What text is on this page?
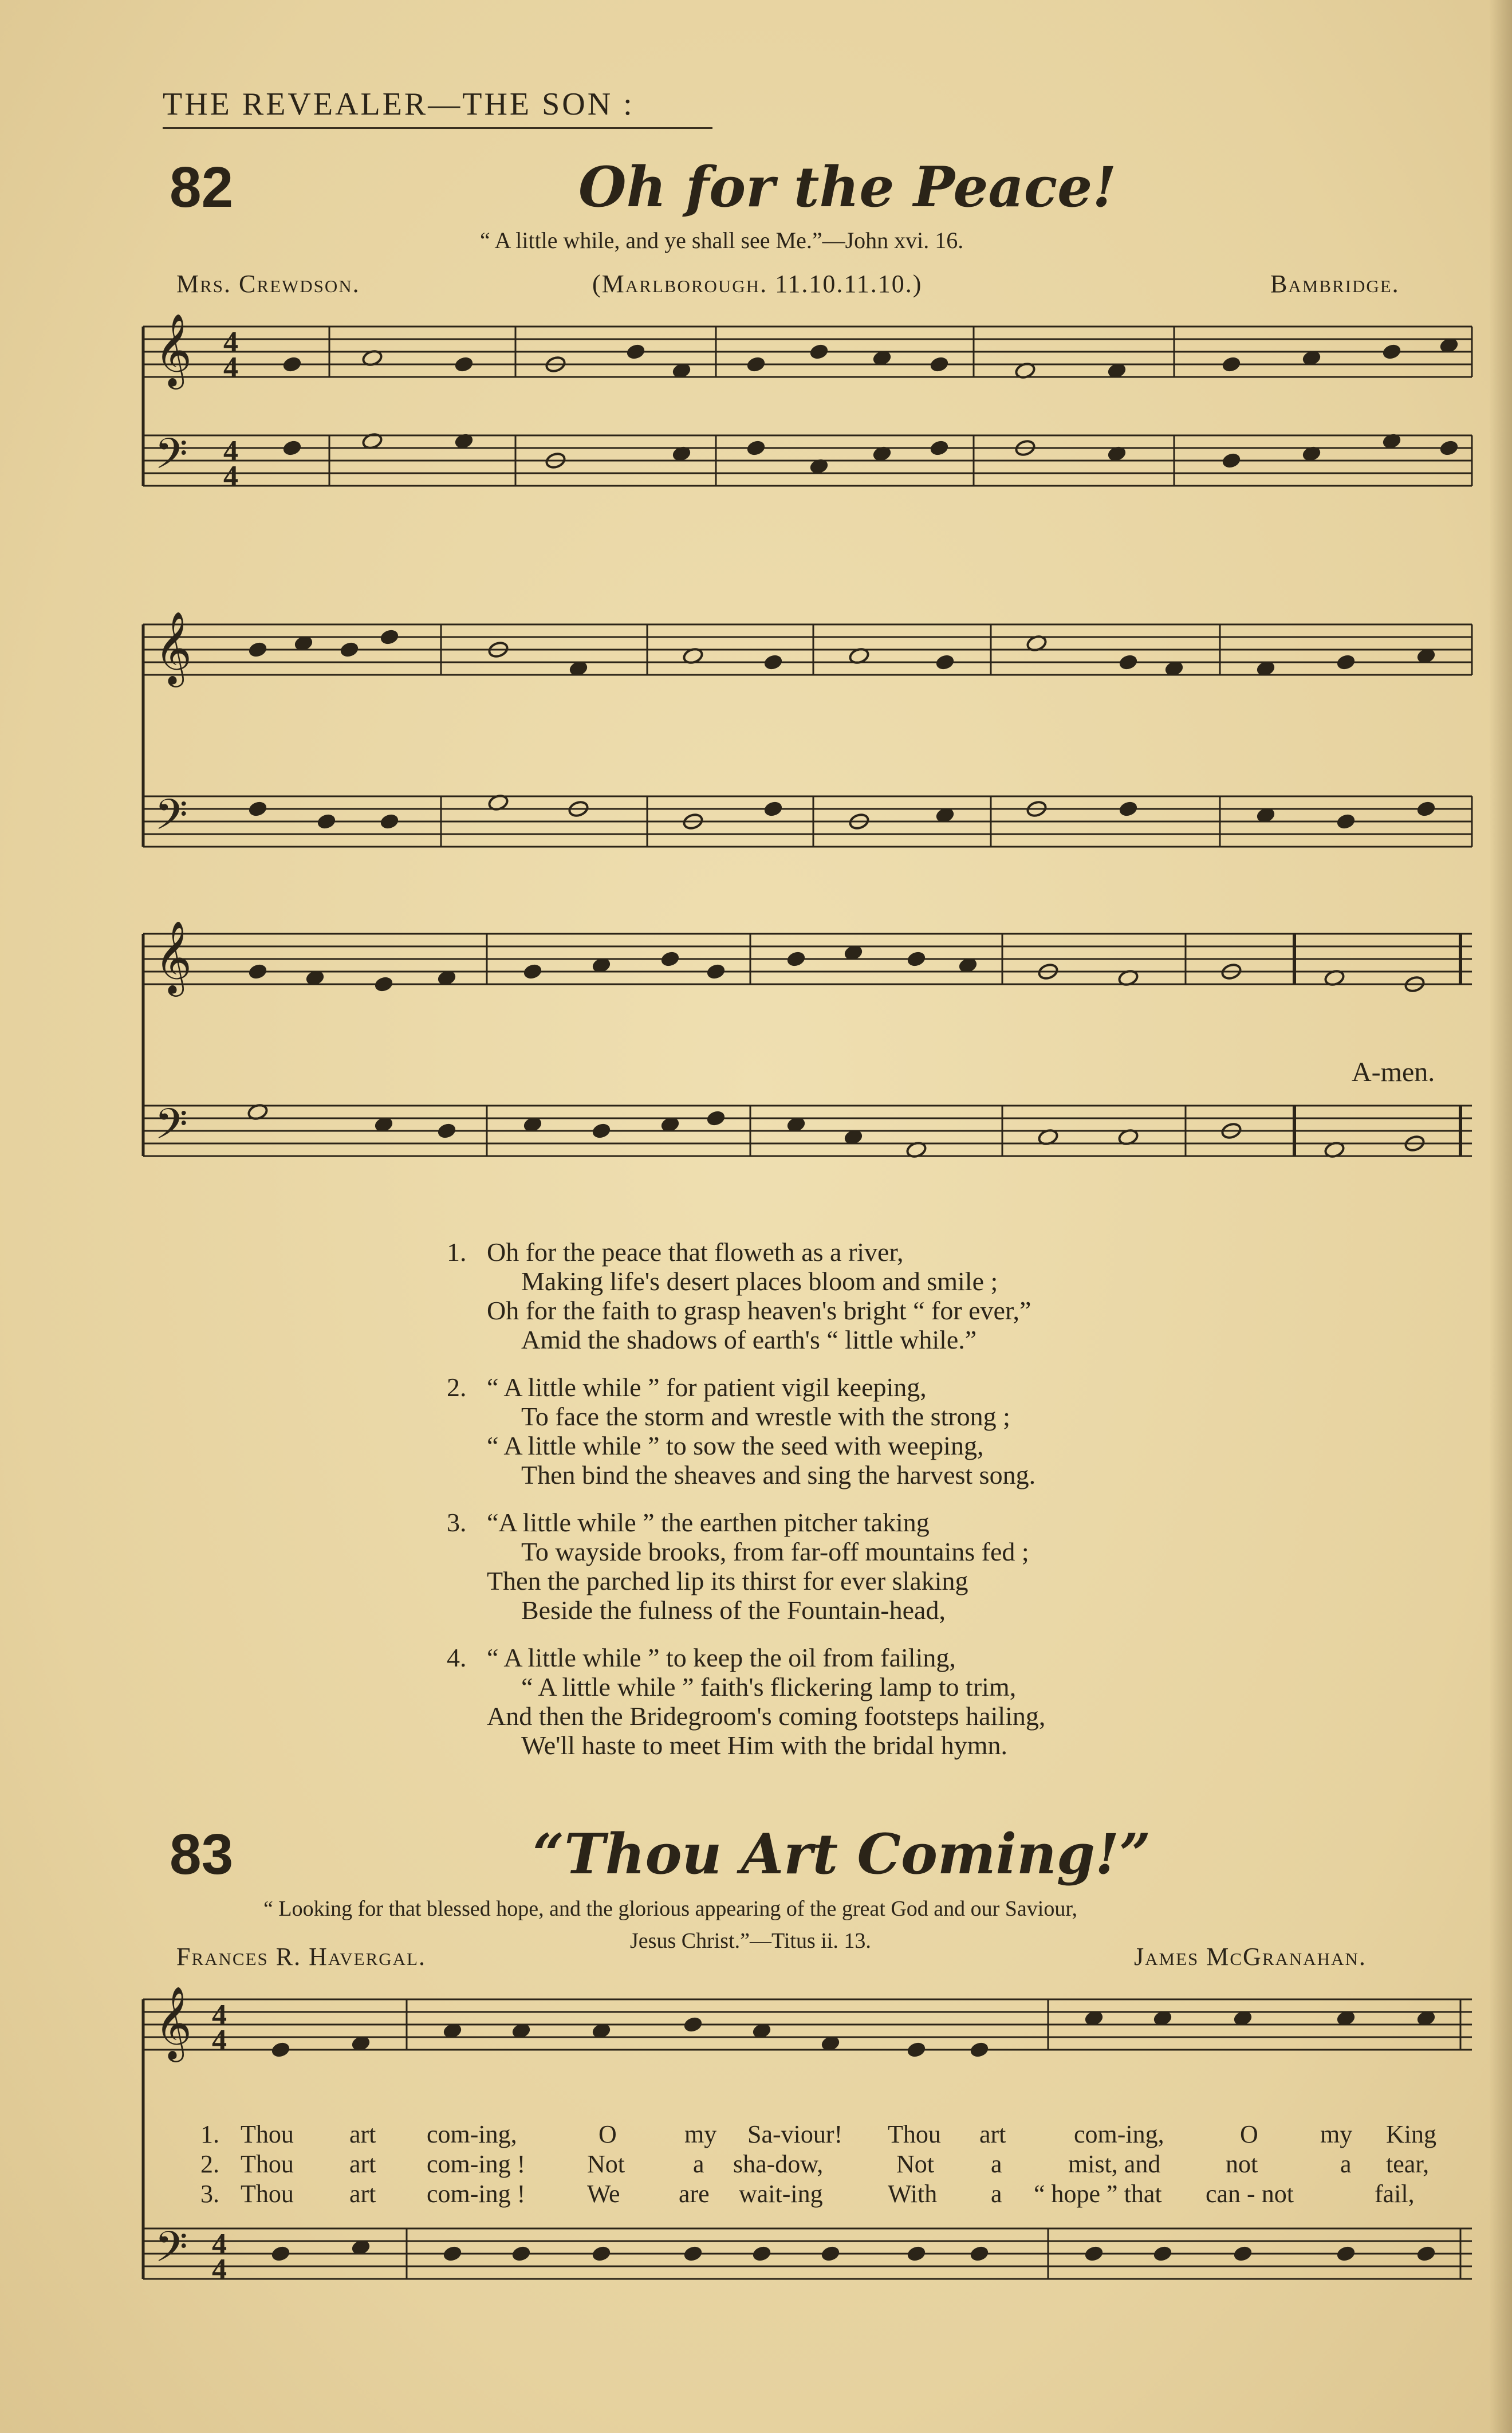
THE REVEALER—THE SON :
82	Oh for the Peace!
“ A little while, and ye shall see Me.”—John xvi. 16.
Mrs. Crewdson.	(Marlborough. 11.10.11.10.)	Bambridge.
𝄞
𝄢
4
4
4
4
𝄞
𝄢
𝄞
𝄢
𝄞
𝄢
4
4
4
4
A-men.
1. Oh for the peace that floweth as a river,
Making life's desert places bloom and smile ;
Oh for the faith to grasp heaven's bright “ for ever,”
Amid the shadows of earth's “ little while.”
2. “ A little while ” for patient vigil keeping,
To face the storm and wrestle with the strong ;
“ A little while ” to sow the seed with weeping,
Then bind the sheaves and sing the harvest song.
3. “A little while ” the earthen pitcher taking
To wayside brooks, from far-off mountains fed ;
Then the parched lip its thirst for ever slaking
Beside the fulness of the Fountain-head,
4. “ A little while ” to keep the oil from failing,
“ A little while ” faith's flickering lamp to trim,
And then the Bridegroom's coming footsteps hailing,
We'll haste to meet Him with the bridal hymn.
83	“Thou Art Coming!”
“ Looking for that blessed hope, and the glorious appearing of the great God and our Saviour,
Frances R. Havergal.
Jesus Christ.”—Titus ii. 13.
James McGranahan.
1. Thou art com-ing,	O	my Sa-viour! Thou art	com-ing,	O my King
2. Thou art com-ing ! Not	a sha-dow,	Not a	mist, and	not	a tear,
3. Thou art com-ing ! We are wait-ing	With a “ hope ” that can - not	fail,
